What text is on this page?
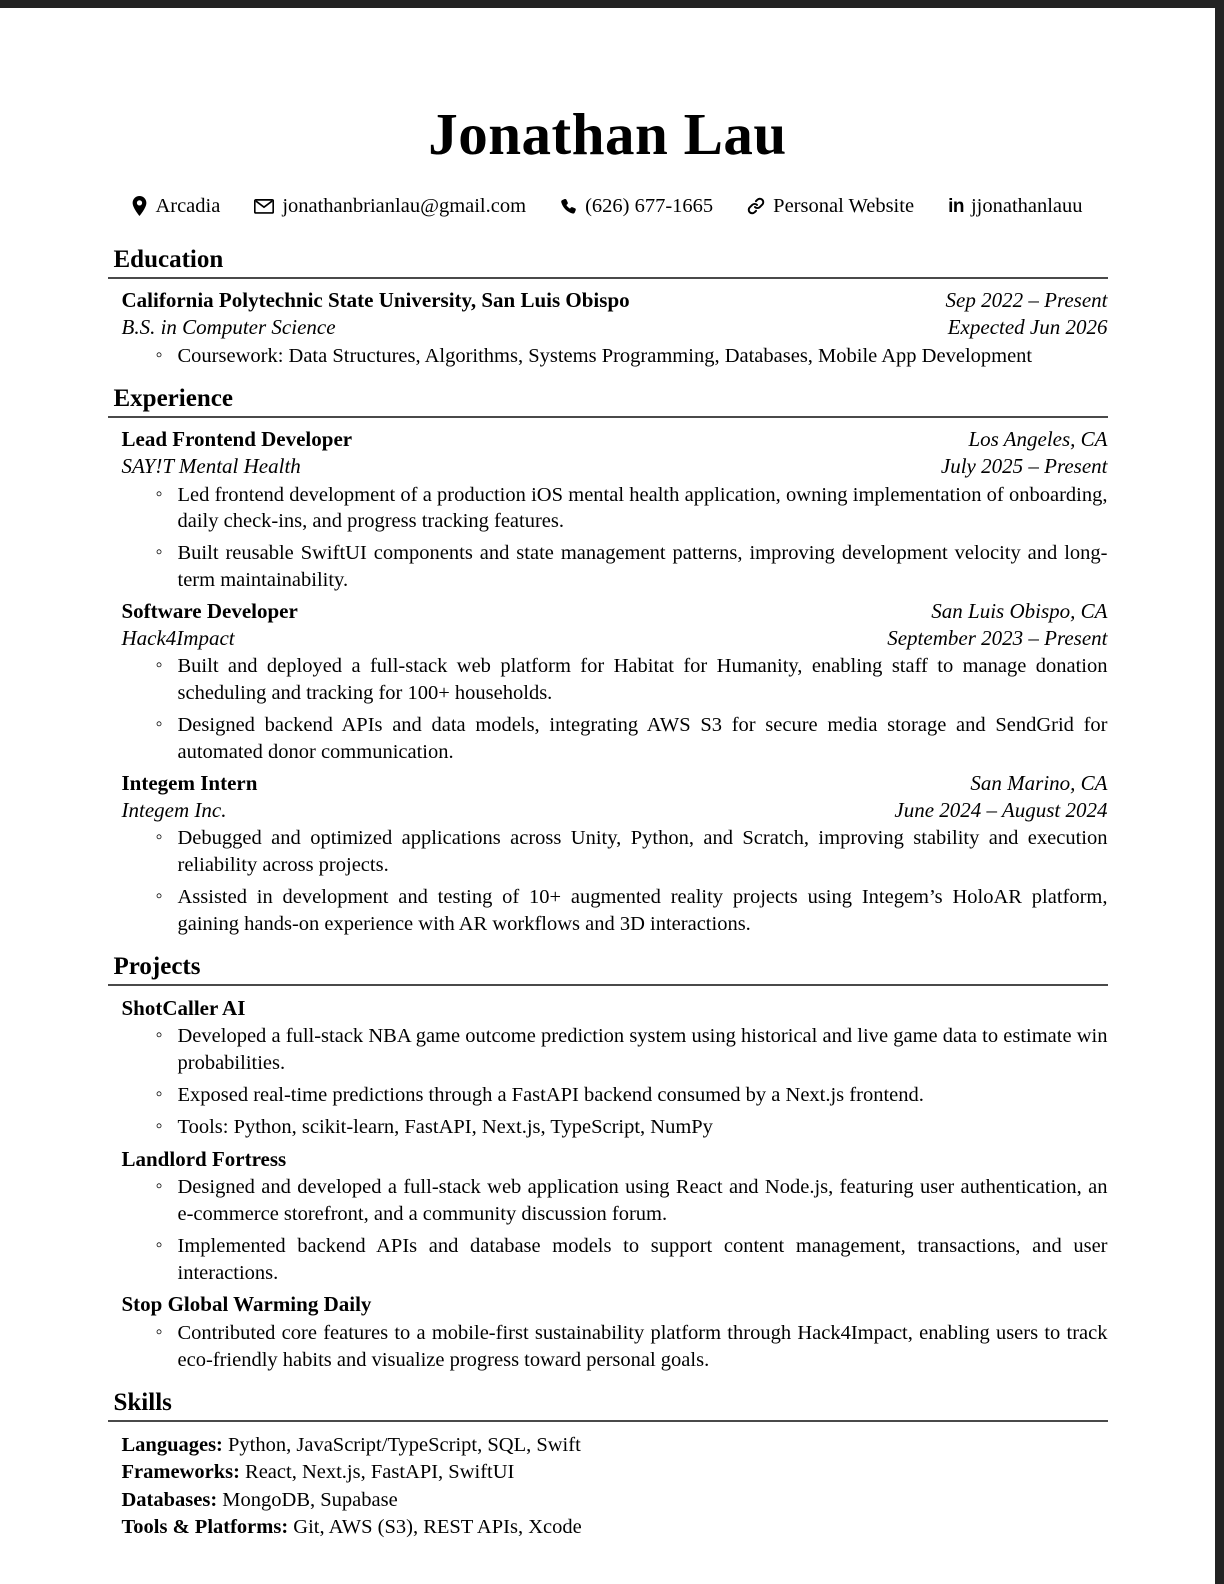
Jonathan Lau
Arcadia	jonathanbrianlau@gmail.com	(626) 677-1665	Personal Website in jjonathanlauu
Education
California Polytechnic State University, San Luis Obispo	Sep 2022 – Present
B.S. in Computer Science	Expected Jun 2026
◦ Coursework: Data Structures, Algorithms, Systems Programming, Databases, Mobile App Development
Experience
Lead Frontend Developer	Los Angeles, CA
SAY!T Mental Health	July 2025 – Present
◦ Led frontend development of a production iOS mental health application, owning implementation of onboarding, daily check-ins, and progress tracking features.
◦ Built reusable SwiftUI components and state management patterns, improving development velocity and long-term maintainability.
Software Developer	San Luis Obispo, CA
Hack4Impact	September 2023 – Present
◦ Built and deployed a full-stack web platform for Habitat for Humanity, enabling staff to manage donation scheduling and tracking for 100+ households.
◦ Designed backend APIs and data models, integrating AWS S3 for secure media storage and SendGrid for automated donor communication.
Integem Intern	San Marino, CA
Integem Inc.	June 2024 – August 2024
◦ Debugged and optimized applications across Unity, Python, and Scratch, improving stability and execution reliability across projects.
◦ Assisted in development and testing of 10+ augmented reality projects using Integem’s HoloAR platform, gaining hands-on experience with AR workflows and 3D interactions.
Projects
ShotCaller AI
◦ Developed a full-stack NBA game outcome prediction system using historical and live game data to estimate win probabilities.
◦ Exposed real-time predictions through a FastAPI backend consumed by a Next.js frontend.
◦ Tools: Python, scikit-learn, FastAPI, Next.js, TypeScript, NumPy
Landlord Fortress
◦ Designed and developed a full-stack web application using React and Node.js, featuring user authentication, an e-commerce storefront, and a community discussion forum.
◦ Implemented backend APIs and database models to support content management, transactions, and user interactions.
Stop Global Warming Daily
◦ Contributed core features to a mobile-first sustainability platform through Hack4Impact, enabling users to track eco-friendly habits and visualize progress toward personal goals.
Skills
Languages: Python, JavaScript/TypeScript, SQL, Swift
Frameworks: React, Next.js, FastAPI, SwiftUI
Databases: MongoDB, Supabase
Tools & Platforms: Git, AWS (S3), REST APIs, Xcode
